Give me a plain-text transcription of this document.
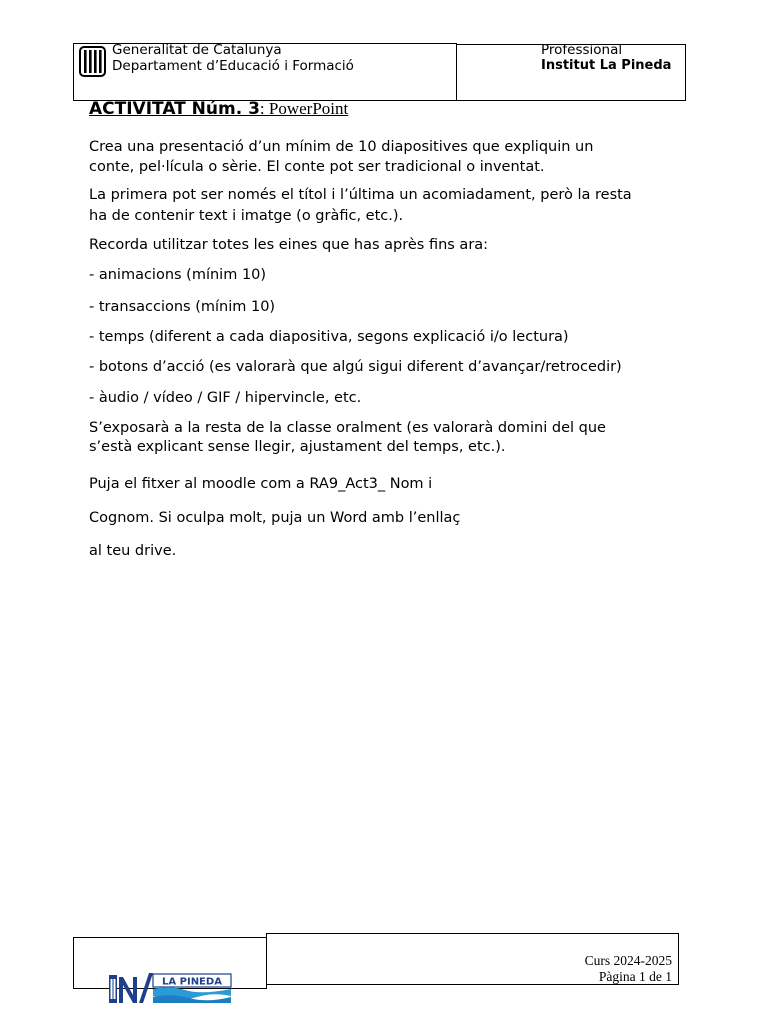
Generalitat de Catalunya
Departament d’Educació i Formació
Professional
Institut La Pineda
ACTIVITAT Núm. 3: PowerPoint
Crea una presentació d’un mínim de 10 diapositives que expliquin un
conte, pel·lícula o sèrie. El conte pot ser tradicional o inventat.
La primera pot ser només el títol i l’última un acomiadament, però la resta
ha de contenir text i imatge (o gràfic, etc.).
Recorda utilitzar totes les eines que has après fins ara:
- animacions (mínim 10)
- transaccions (mínim 10)
- temps (diferent a cada diapositiva, segons explicació i/o lectura)
- botons d’acció (es valorarà que algú sigui diferent d’avançar/retrocedir)
- àudio / vídeo / GIF / hipervincle, etc.
S’exposarà a la resta de la classe oralment (es valorarà domini del que
s’està explicant sense llegir, ajustament del temps, etc.).
Puja el fitxer al moodle com a RA9_Act3_ Nom i
Cognom. Si oculpa molt, puja un Word amb l’enllaç
al teu drive.
LA PINEDA
Curs 2024-2025
Pàgina 1 de 1
